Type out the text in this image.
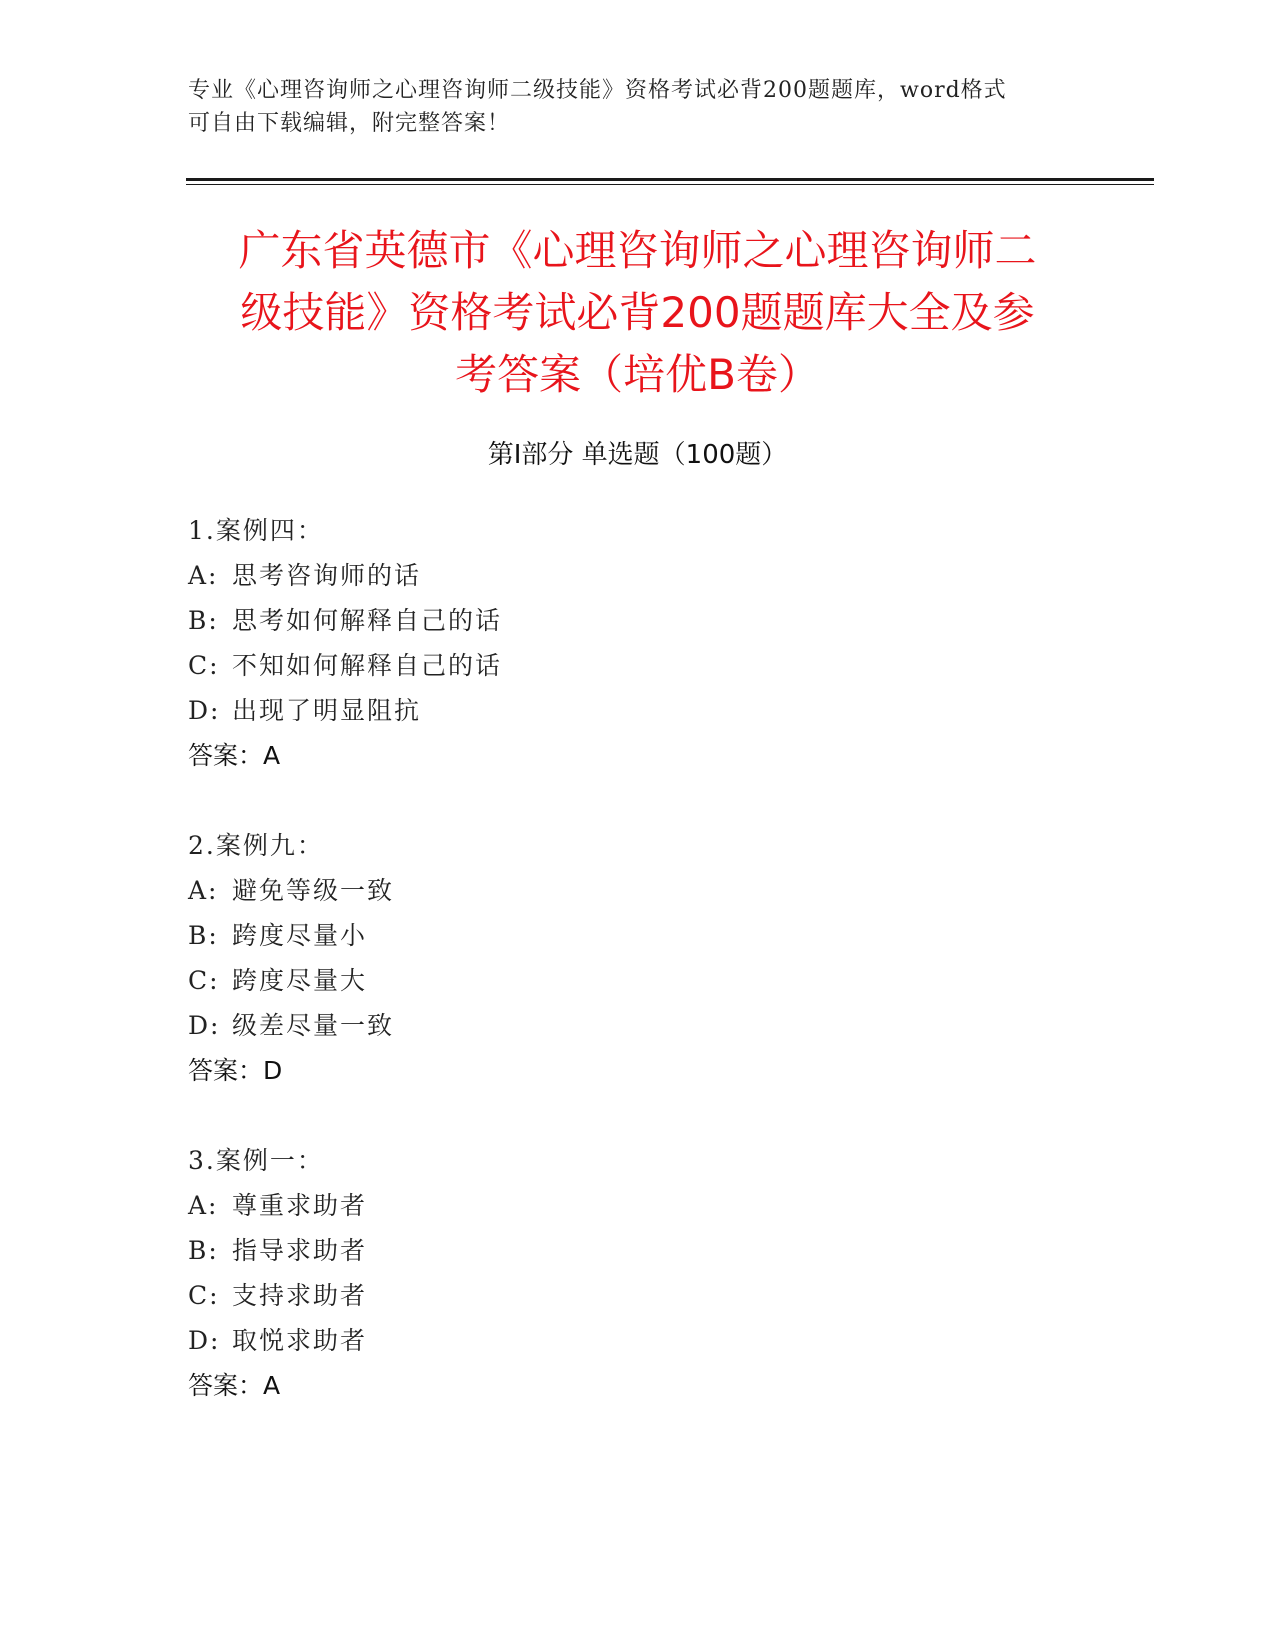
专业《心理咨询师之心理咨询师二级技能》资格考试必背200题题库，word格式
可自由下载编辑，附完整答案！
广东省英德市《心理咨询师之心理咨询师二
级技能》资格考试必背200题题库大全及参
考答案（培优B卷）
第I部分 单选题（100题）
1.案例四：
A: 思考咨询师的话
B: 思考如何解释自己的话
C: 不知如何解释自己的话
D: 出现了明显阻抗
答案：A
2.案例九：
A: 避免等级一致
B: 跨度尽量小
C: 跨度尽量大
D: 级差尽量一致
答案：D
3.案例一：
A: 尊重求助者
B: 指导求助者
C: 支持求助者
D: 取悦求助者
答案：A
